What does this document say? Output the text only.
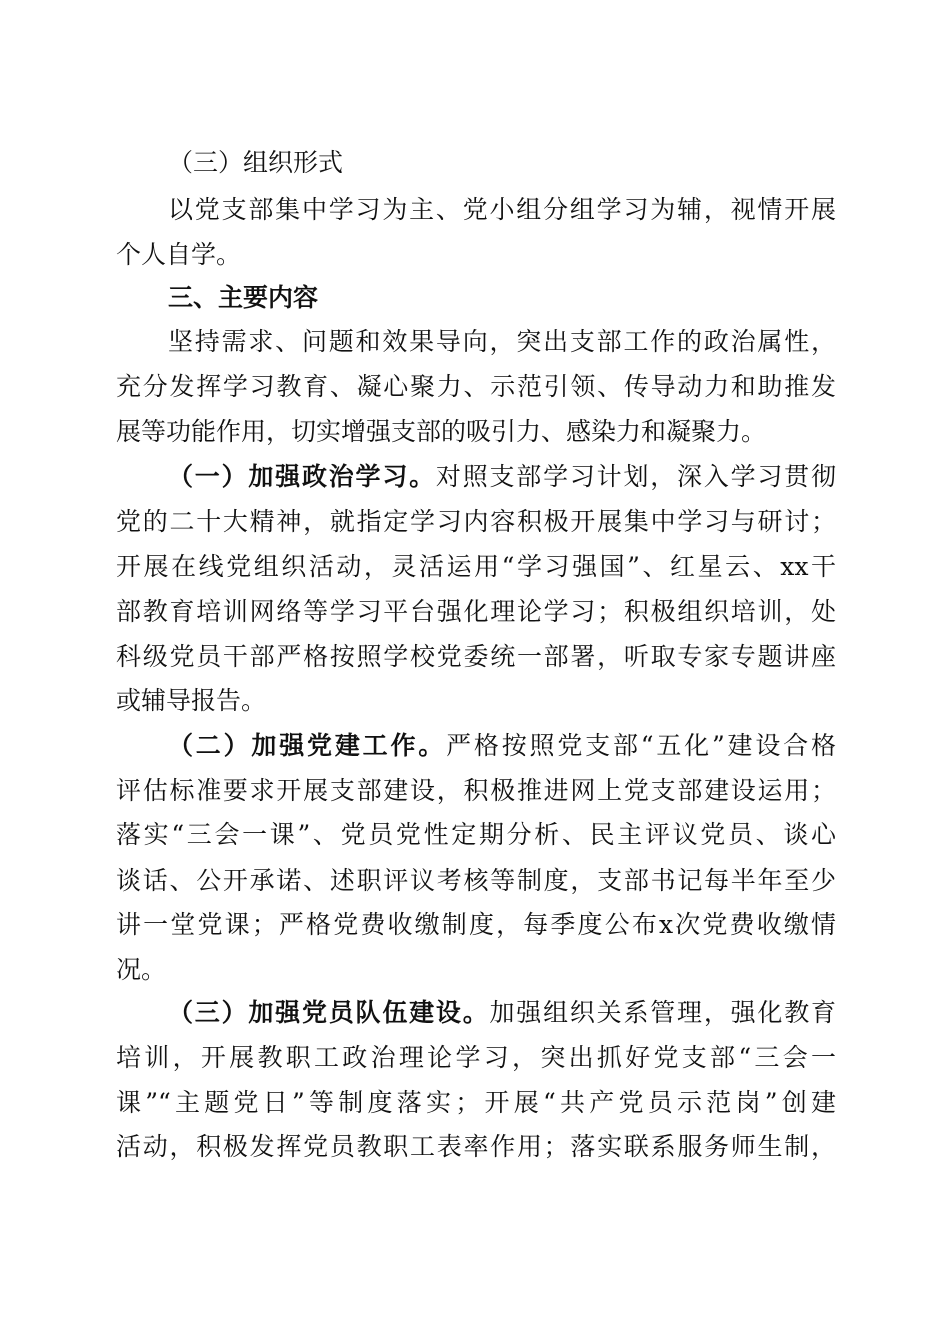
（三）组织形式
以党支部集中学习为主、党小组分组学习为辅，视情开展
个人自学。
三、主要内容
坚持需求、问题和效果导向，突出支部工作的政治属性，
充分发挥学习教育、凝心聚力、示范引领、传导动力和助推发
展等功能作用，切实增强支部的吸引力、感染力和凝聚力。
（一）加强政治学习。对照支部学习计划，深入学习贯彻
党的二十大精神，就指定学习内容积极开展集中学习与研讨；
开展在线党组织活动，灵活运用“学习强国”、红星云、xx干
部教育培训网络等学习平台强化理论学习；积极组织培训，处
科级党员干部严格按照学校党委统一部署，听取专家专题讲座
或辅导报告。
（二）加强党建工作。严格按照党支部“五化”建设合格
评估标准要求开展支部建设，积极推进网上党支部建设运用；
落实“三会一课”、党员党性定期分析、民主评议党员、谈心
谈话、公开承诺、述职评议考核等制度，支部书记每半年至少
讲一堂党课；严格党费收缴制度，每季度公布x次党费收缴情
况。
（三）加强党员队伍建设。加强组织关系管理，强化教育
培训，开展教职工政治理论学习，突出抓好党支部“三会一
课”“主题党日”等制度落实；开展“共产党员示范岗”创建
活动，积极发挥党员教职工表率作用；落实联系服务师生制，
